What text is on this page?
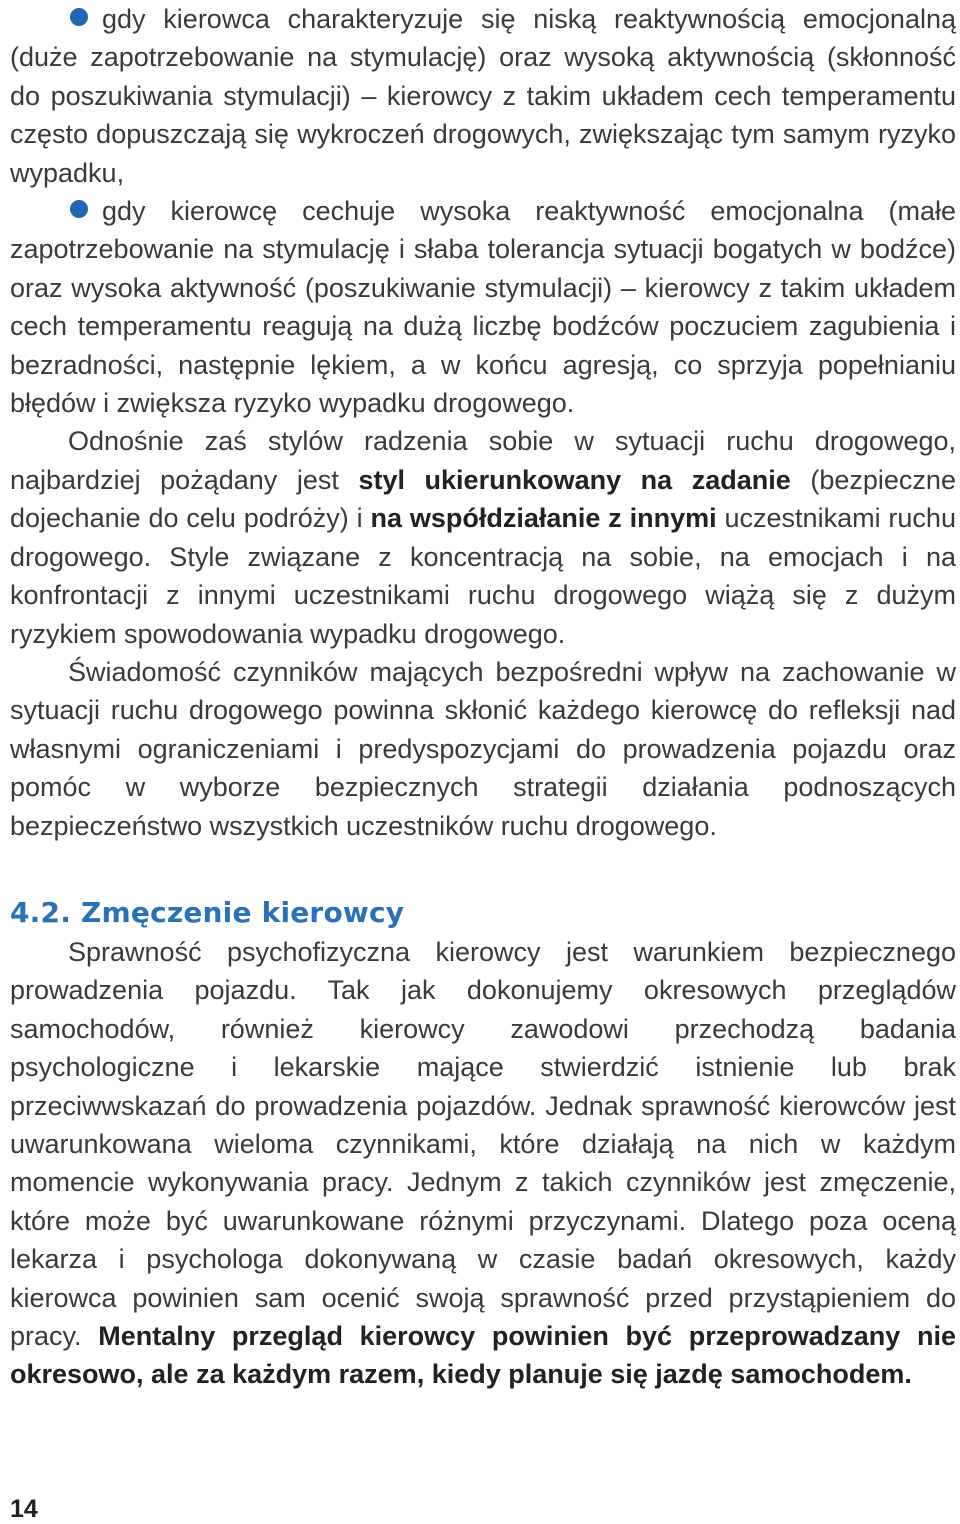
gdy kierowca charakteryzuje się niską reaktywnością emocjonalną (duże zapotrzebowanie na stymulację) oraz wysoką aktywnością (skłonność do poszukiwania stymulacji) – kierowcy z takim układem cech temperamentu często dopuszczają się wykroczeń drogowych, zwiększając tym samym ryzyko wypadku,

gdy kierowcę cechuje wysoka reaktywność emocjonalna (małe zapotrzebowanie na stymulację i słaba tolerancja sytuacji bogatych w bodźce) oraz wysoka aktywność (poszukiwanie stymulacji) – kierowcy z takim układem cech temperamentu reagują na dużą liczbę bodźców poczuciem zagubienia i bezradności, następnie lękiem, a w końcu agresją, co sprzyja popełnianiu błędów i zwiększa ryzyko wypadku drogowego.

Odnośnie zaś stylów radzenia sobie w sytuacji ruchu drogowego, najbardziej pożądany jest styl ukierunkowany na zadanie (bezpieczne dojechanie do celu podróży) i na współdziałanie z innymi uczestnikami ruchu drogowego. Style związane z koncentracją na sobie, na emocjach i na konfrontacji z innymi uczestnikami ruchu drogowego wiążą się z dużym ryzykiem spowodowania wypadku drogowego.

Świadomość czynników mających bezpośredni wpływ na zachowanie w sytuacji ruchu drogowego powinna skłonić każdego kierowcę do refleksji nad własnymi ograniczeniami i predyspozycjami do prowadzenia pojazdu oraz pomóc w wyborze bezpiecznych strategii działania podnoszących bezpieczeństwo wszystkich uczestników ruchu drogowego.

4.2. Zmęczenie kierowcy

Sprawność psychofizyczna kierowcy jest warunkiem bezpiecznego prowadzenia pojazdu. Tak jak dokonujemy okresowych przeglądów samochodów, również kierowcy zawodowi przechodzą badania psychologiczne i lekarskie mające stwierdzić istnienie lub brak przeciwwskazań do prowadzenia pojazdów. Jednak sprawność kierowców jest uwarunkowana wieloma czynnikami, które działają na nich w każdym momencie wykonywania pracy. Jednym z takich czynników jest zmęczenie, które może być uwarunkowane różnymi przyczynami. Dlatego poza oceną lekarza i psychologa dokonywaną w czasie badań okresowych, każdy kierowca powinien sam ocenić swoją sprawność przed przystąpieniem do pracy. Mentalny przegląd kierowcy powinien być przeprowadzany nie okresowo, ale za każdym razem, kiedy planuje się jazdę samochodem.

14
